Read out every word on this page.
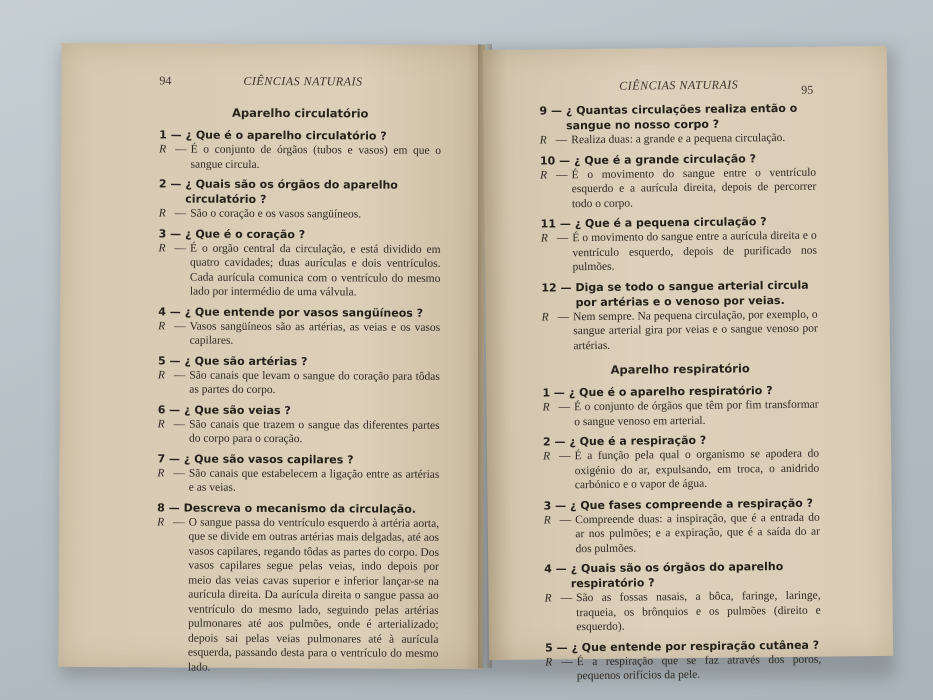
94	CIÊNCIAS NATURAIS
Aparelho circulatório
1 — ¿ Que é o aparelho circulatório ?
R — É o conjunto de órgãos (tubos e vasos) em que o sangue circula.
2 — ¿ Quais são os órgãos do aparelho circulatório ?
R — São o coração e os vasos sangüíneos.
3 — ¿ Que é o coração ?
R — É o orgão central da circulação, e está dividido em quatro cavidades; duas aurículas e dois ventrículos. Cada aurícula comunica com o ventrículo do mesmo lado por intermédio de uma válvula.
4 — ¿ Que entende por vasos sangüíneos ?
R — Vasos sangüíneos são as artérias, as veias e os vasos capilares.
5 — ¿ Que são artérias ?
R — São canais que levam o sangue do coração para tôdas as partes do corpo.
6 — ¿ Que são veias ?
R — São canais que trazem o sangue das diferentes partes do corpo para o coração.
7 — ¿ Que são vasos capilares ?
R — São canais que estabelecem a ligação entre as artérias e as veias.
8 — Descreva o mecanismo da circulação.
R — O sangue passa do ventrículo esquerdo à artéria aorta, que se divide em outras artérias mais delgadas, até aos vasos capilares, regando tôdas as partes do corpo. Dos vasos capilares segue pelas veias, indo depois por meio das veias cavas superior e inferior lançar-se na aurícula direita. Da aurícula direita o sangue passa ao ventrículo do mesmo lado, seguindo pelas artérias pulmonares até aos pulmões, onde é arterializado; depois sai pelas veias pulmonares até à aurícula esquerda, passando desta para o ventrículo do mesmo lado.
CIÊNCIAS NATURAIS	95
9 — ¿ Quantas circulações realiza então o sangue no nosso corpo ?
R — Realiza duas: a grande e a pequena circulação.
10 — ¿ Que é a grande circulação ?
R — É o movimento do sangue entre o ventrículo esquerdo e a aurícula direita, depois de percorrer todo o corpo.
11 — ¿ Que é a pequena circulação ?
R — É o movimento do sangue entre a aurícula direita e o ventrículo esquerdo, depois de purificado nos pulmões.
12 — Diga se todo o sangue arterial circula por artérias e o venoso por veias.
R — Nem sempre. Na pequena circulação, por exemplo, o sangue arterial gira por veias e o sangue venoso por artérias.
Aparelho respiratório
1 — ¿ Que é o aparelho respiratório ?
R — É o conjunto de órgãos que têm por fim transformar o sangue venoso em arterial.
2 — ¿ Que é a respiração ?
R — É a função pela qual o organismo se apodera do oxigénio do ar, expulsando, em troca, o anidrido carbónico e o vapor de água.
3 — ¿ Que fases compreende a respiração ?
R — Compreende duas: a inspiração, que é a entrada do ar nos pulmões; e a expiração, que é a saída do ar dos pulmões.
4 — ¿ Quais são os órgãos do aparelho respiratório ?
R — São as fossas nasais, a bôca, faringe, laringe, traqueia, os brônquios e os pulmões (direito e esquerdo).
5 — ¿ Que entende por respiração cutânea ?
R — É a respiração que se faz através dos poros, pequenos orifícios da pele.
